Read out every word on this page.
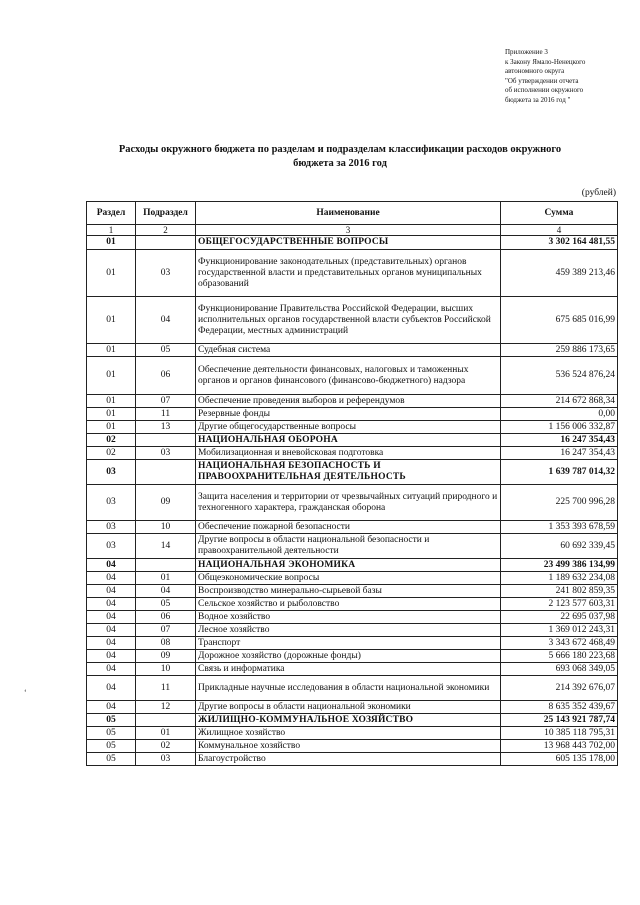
Приложение 3
к Закону Ямало-Ненецкого
автономного округа
"Об утверждении отчета
об исполнении окружного
бюджета за 2016 год "
Расходы окружного бюджета по разделам и подразделам классификации расходов окружного
бюджета за 2016 год
(рублей)
Раздел	Подраздел	Наименование	Сумма
1	2	3	4
01		ОБЩЕГОСУДАРСТВЕННЫЕ ВОПРОСЫ	3 302 164 481,55
01	03	Функционирование законодательных (представительных) органов государственной власти и представительных органов муниципальных образований	459 389 213,46
01	04	Функционирование Правительства Российской Федерации, высших исполнительных органов государственной власти субъектов Российской Федерации, местных администраций	675 685 016,99
01	05	Судебная система	259 886 173,65
01	06	Обеспечение деятельности финансовых, налоговых и таможенных органов и органов финансового (финансово-бюджетного) надзора	536 524 876,24
01	07	Обеспечение проведения выборов и референдумов	214 672 868,34
01	11	Резервные фонды	0,00
01	13	Другие общегосударственные вопросы	1 156 006 332,87
02		НАЦИОНАЛЬНАЯ ОБОРОНА	16 247 354,43
02	03	Мобилизационная и вневойсковая подготовка	16 247 354,43
03		НАЦИОНАЛЬНАЯ БЕЗОПАСНОСТЬ И ПРАВООХРАНИТЕЛЬНАЯ ДЕЯТЕЛЬНОСТЬ	1 639 787 014,32
03	09	Защита населения и территории от чрезвычайных ситуаций природного и техногенного характера, гражданская оборона	225 700 996,28
03	10	Обеспечение пожарной безопасности	1 353 393 678,59
03	14	Другие вопросы в области национальной безопасности и правоохранительной деятельности	60 692 339,45
04		НАЦИОНАЛЬНАЯ ЭКОНОМИКА	23 499 386 134,99
04	01	Общеэкономические вопросы	1 189 632 234,08
04	04	Воспроизводство минерально-сырьевой базы	241 802 859,35
04	05	Сельское хозяйство и рыболовство	2 123 577 603,31
04	06	Водное хозяйство	22 695 037,98
04	07	Лесное хозяйство	1 369 012 243,31
04	08	Транспорт	3 343 672 468,49
04	09	Дорожное хозяйство (дорожные фонды)	5 666 180 223,68
04	10	Связь и информатика	693 068 349,05
04	11	Прикладные научные исследования в области национальной экономики	214 392 676,07
04	12	Другие вопросы в области национальной экономики	8 635 352 439,67
05		ЖИЛИЩНО-КОММУНАЛЬНОЕ ХОЗЯЙСТВО	25 143 921 787,74
05	01	Жилищное хозяйство	10 385 118 795,31
05	02	Коммунальное хозяйство	13 968 443 702,00
05	03	Благоустройство	605 135 178,00
‘
